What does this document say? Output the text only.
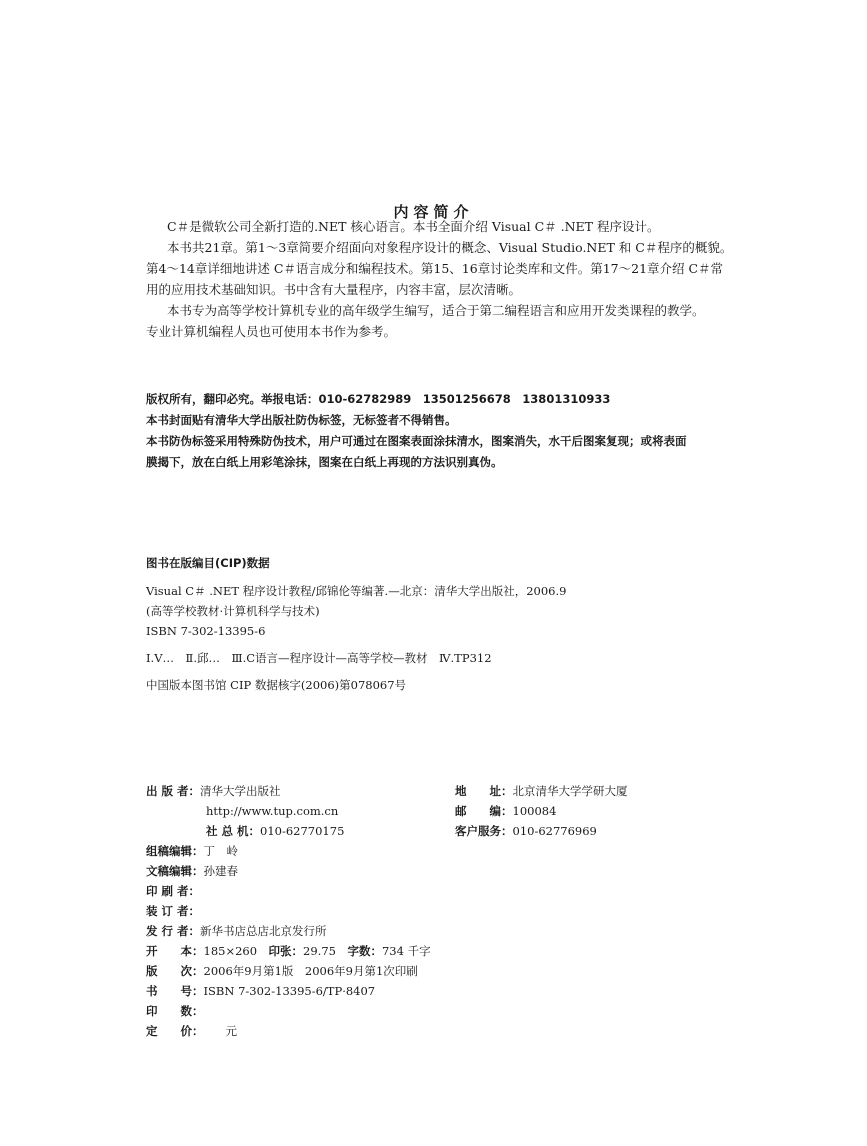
内容简介
C＃是微软公司全新打造的.NET 核心语言。本书全面介绍 Visual C＃ .NET 程序设计。
本书共21章。第1～3章简要介绍面向对象程序设计的概念、Visual Studio.NET 和 C＃程序的概貌。
第4～14章详细地讲述 C＃语言成分和编程技术。第15、16章讨论类库和文件。第17～21章介绍 C＃常
用的应用技术基础知识。书中含有大量程序，内容丰富，层次清晰。
本书专为高等学校计算机专业的高年级学生编写，适合于第二编程语言和应用开发类课程的教学。
专业计算机编程人员也可使用本书作为参考。
版权所有，翻印必究。举报电话：010-62782989　13501256678　13801310933
本书封面贴有清华大学出版社防伪标签，无标签者不得销售。
本书防伪标签采用特殊防伪技术，用户可通过在图案表面涂抹清水，图案消失，水干后图案复现；或将表面
膜揭下，放在白纸上用彩笔涂抹，图案在白纸上再现的方法识别真伪。
图书在版编目(CIP)数据
Visual C＃ .NET 程序设计教程/邱锦伦等编著.—北京：清华大学出版社，2006.9
(高等学校教材·计算机科学与技术)
ISBN 7-302-13395-6
Ⅰ.V…　Ⅱ.邱…　Ⅲ.C语言—程序设计—高等学校—教材　Ⅳ.TP312
中国版本图书馆 CIP 数据核字(2006)第078067号
出 版 者：清华大学出版社	地　　址：北京清华大学学研大厦
http://www.tup.com.cn	邮　　编：100084
社 总 机：010-62770175	客户服务：010-62776969
组稿编辑：丁　岭
文稿编辑：孙建春
印 刷 者：
装 订 者：
发 行 者：新华书店总店北京发行所
开　　本：185×260　 印张：29.75　 字数：734 千字
版　　次：2006年9月第1版　2006年9月第1次印刷
书　　号：ISBN 7-302-13395-6/TP·8407
印　　数：
定　　价： 元
